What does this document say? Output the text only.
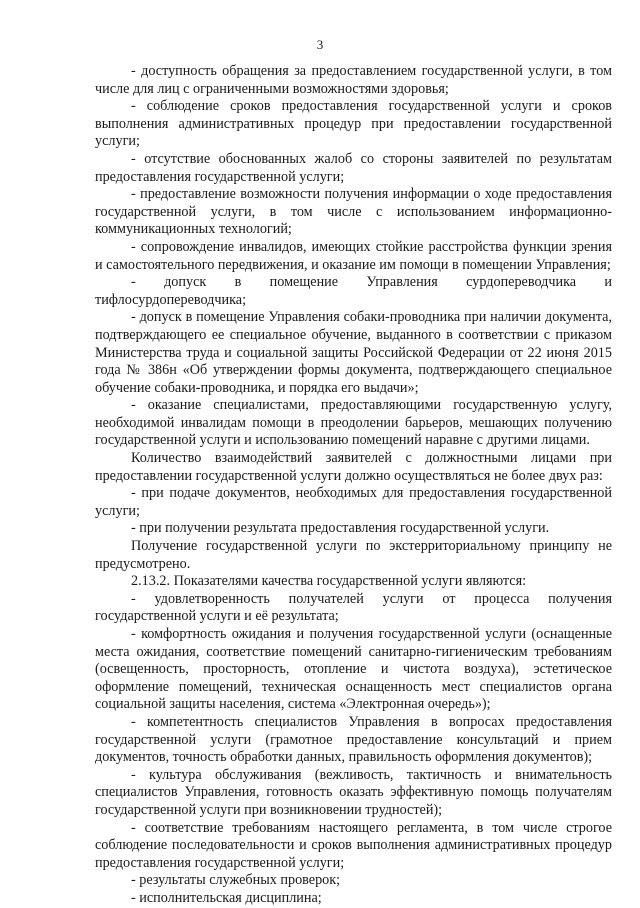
3

- доступность обращения за предоставлением государственной услуги, в том числе для лиц с ограниченными возможностями здоровья;

- соблюдение сроков предоставления государственной услуги и сроков выполнения административных процедур при предоставлении государственной услуги;

- отсутствие обоснованных жалоб со стороны заявителей по результатам предоставления государственной услуги;

- предоставление возможности получения информации о ходе предоставления государственной услуги, в том числе с использованием информационно-коммуникационных технологий;

- сопровождение инвалидов, имеющих стойкие расстройства функции зрения и самостоятельного передвижения, и оказание им помощи в помещении Управления;

- допуск в помещение Управления сурдопереводчика и тифлосурдопереводчика;

- допуск в помещение Управления собаки-проводника при наличии документа, подтверждающего ее специальное обучение, выданного в соответствии с приказом Министерства труда и социальной защиты Российской Федерации от 22 июня 2015 года № 386н «Об утверждении формы документа, подтверждающего специальное обучение собаки-проводника, и порядка его выдачи»;

- оказание специалистами, предоставляющими государственную услугу, необходимой инвалидам помощи в преодолении барьеров, мешающих получению государственной услуги и использованию помещений наравне с другими лицами.

Количество взаимодействий заявителей с должностными лицами при предоставлении государственной услуги должно осуществляться не более двух раз:

- при подаче документов, необходимых для предоставления государственной услуги;

- при получении результата предоставления государственной услуги.

Получение государственной услуги по экстерриториальному принципу не предусмотрено.

2.13.2. Показателями качества государственной услуги являются:

- удовлетворенность получателей услуги от процесса получения государственной услуги и её результата;

- комфортность ожидания и получения государственной услуги (оснащенные места ожидания, соответствие помещений санитарно-гигиеническим требованиям (освещенность, просторность, отопление и чистота воздуха), эстетическое оформление помещений, техническая оснащенность мест специалистов органа социальной защиты населения, система «Электронная очередь»);

- компетентность специалистов Управления в вопросах предоставления государственной услуги (грамотное предоставление консультаций и прием документов, точность обработки данных, правильность оформления документов);

- культура обслуживания (вежливость, тактичность и внимательность специалистов Управления, готовность оказать эффективную помощь получателям государственной услуги при возникновении трудностей);

- соответствие требованиям настоящего регламента, в том числе строгое соблюдение последовательности и сроков выполнения административных процедур предоставления государственной услуги;

- результаты служебных проверок;

- исполнительская дисциплина;
